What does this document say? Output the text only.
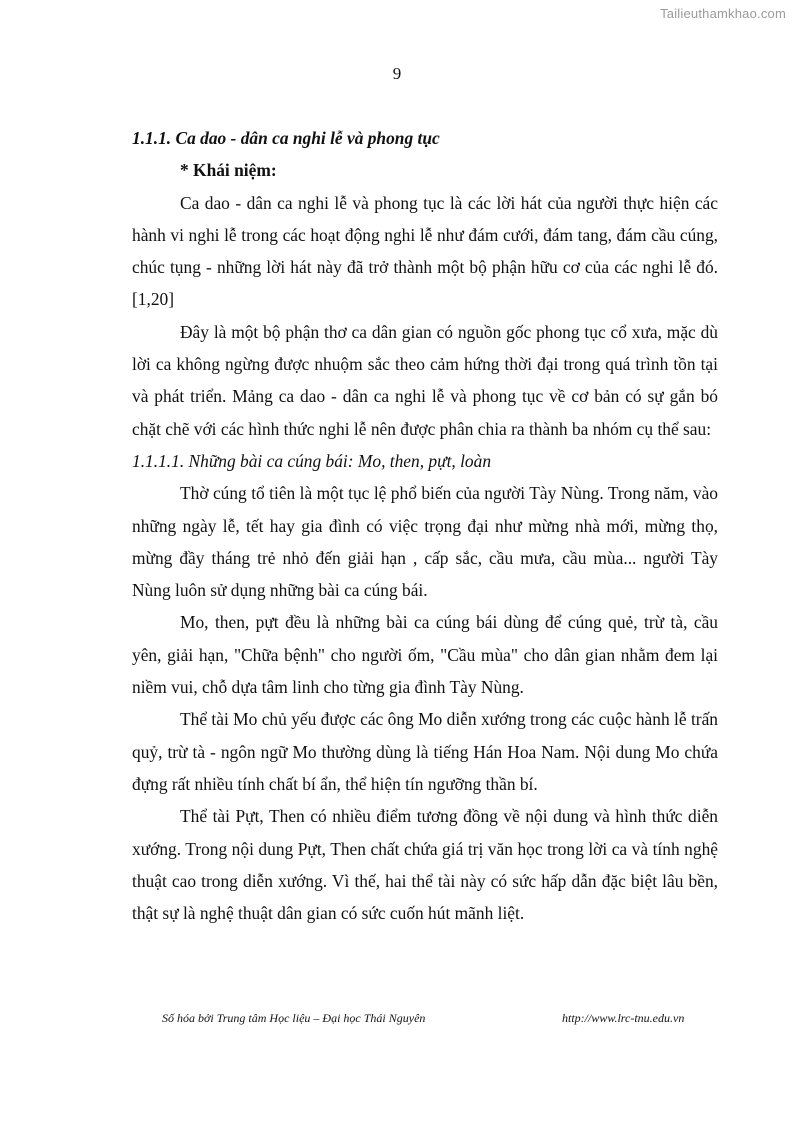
Tailieuthamkhao.com
9
1.1.1. Ca dao - dân ca nghi lễ và phong tục
* Khái niệm:

Ca dao - dân ca nghi lễ và phong tục là các lời hát của người thực hiện các hành vi nghi lễ trong các hoạt động nghi lễ như đám cưới, đám tang, đám cầu cúng, chúc tụng - những lời hát này đã trở thành một bộ phận hữu cơ của các nghi lễ đó. [1,20]

Đây là một bộ phận thơ ca dân gian có nguồn gốc phong tục cổ xưa, mặc dù lời ca không ngừng được nhuộm sắc theo cảm hứng thời đại trong quá trình tồn tại và phát triển. Mảng ca dao - dân ca nghi lễ và phong tục về cơ bản có sự gắn bó chặt chẽ với các hình thức nghi lễ nên được phân chia ra thành ba nhóm cụ thể sau:

1.1.1.1. Những bài ca cúng bái: Mo, then, pựt, loàn

Thờ cúng tổ tiên là một tục lệ phổ biến của người Tày Nùng. Trong năm, vào những ngày lễ, tết hay gia đình có việc trọng đại như mừng nhà mới, mừng thọ, mừng đầy tháng trẻ nhỏ đến giải hạn , cấp sắc, cầu mưa, cầu mùa... người Tày Nùng luôn sử dụng những bài ca cúng bái.

Mo, then, pựt đều là những bài ca cúng bái dùng để cúng quẻ, trừ tà, cầu yên, giải hạn, "Chữa bệnh" cho người ốm, "Cầu mùa" cho dân gian nhằm đem lại niềm vui, chỗ dựa tâm linh cho từng gia đình Tày Nùng.

Thể tài Mo chủ yếu được các ông Mo diễn xướng trong các cuộc hành lễ trấn quỷ, trừ tà - ngôn ngữ Mo thường dùng là tiếng Hán Hoa Nam. Nội dung Mo chứa đựng rất nhiều tính chất bí ẩn, thể hiện tín ngưỡng thần bí.

Thể tài Pựt, Then có nhiều điểm tương đồng về nội dung và hình thức diễn xướng. Trong nội dung Pựt, Then chất chứa giá trị văn học trong lời ca và tính nghệ thuật cao trong diễn xướng. Vì thế, hai thể tài này có sức hấp dẫn đặc biệt lâu bền, thật sự là nghệ thuật dân gian có sức cuốn hút mãnh liệt.

Số hóa bởi Trung tâm Học liệu – Đại học Thái Nguyên	http://www.lrc-tnu.edu.vn
